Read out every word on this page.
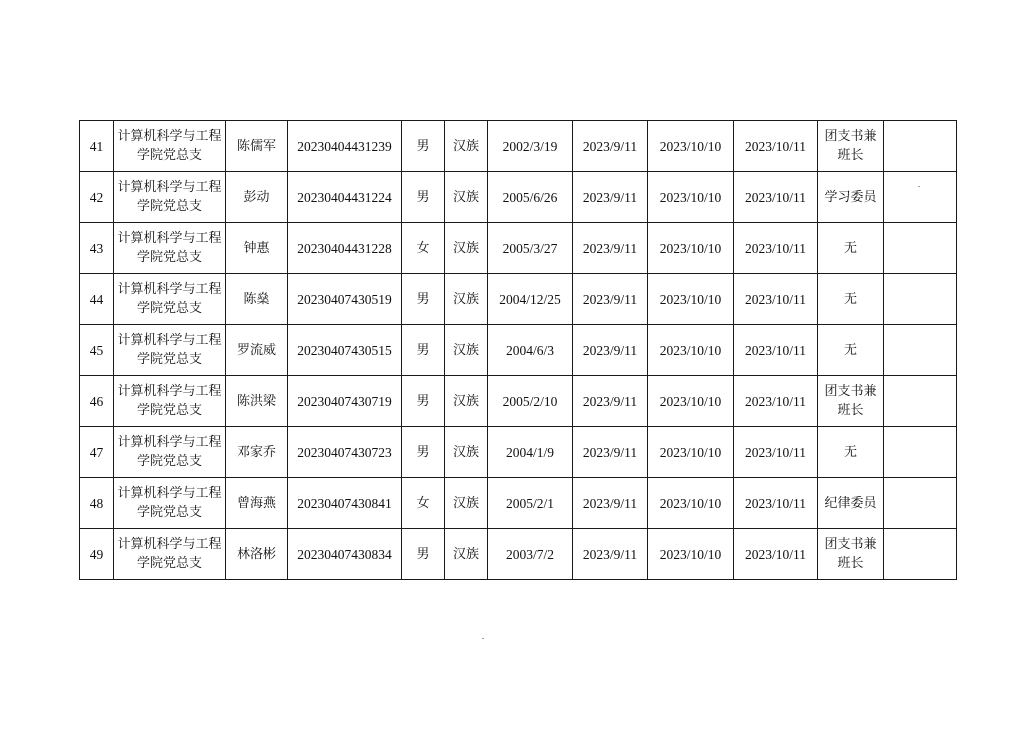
41	计算机科学与工程学院党总支	陈儒军	20230404431239	男	汉族	2002/3/19	2023/9/11	2023/10/10	2023/10/11	团支书兼班长	
42	计算机科学与工程学院党总支	彭动	20230404431224	男	汉族	2005/6/26	2023/9/11	2023/10/10	2023/10/11	学习委员	
43	计算机科学与工程学院党总支	钟惠	20230404431228	女	汉族	2005/3/27	2023/9/11	2023/10/10	2023/10/11	无	
44	计算机科学与工程学院党总支	陈燊	20230407430519	男	汉族	2004/12/25	2023/9/11	2023/10/10	2023/10/11	无	
45	计算机科学与工程学院党总支	罗流威	20230407430515	男	汉族	2004/6/3	2023/9/11	2023/10/10	2023/10/11	无	
46	计算机科学与工程学院党总支	陈洪梁	20230407430719	男	汉族	2005/2/10	2023/9/11	2023/10/10	2023/10/11	团支书兼班长	
47	计算机科学与工程学院党总支	邓家乔	20230407430723	男	汉族	2004/1/9	2023/9/11	2023/10/10	2023/10/11	无	
48	计算机科学与工程学院党总支	曾海燕	20230407430841	女	汉族	2005/2/1	2023/9/11	2023/10/10	2023/10/11	纪律委员	
49	计算机科学与工程学院党总支	林洛彬	20230407430834	男	汉族	2003/7/2	2023/9/11	2023/10/10	2023/10/11	团支书兼班长	
